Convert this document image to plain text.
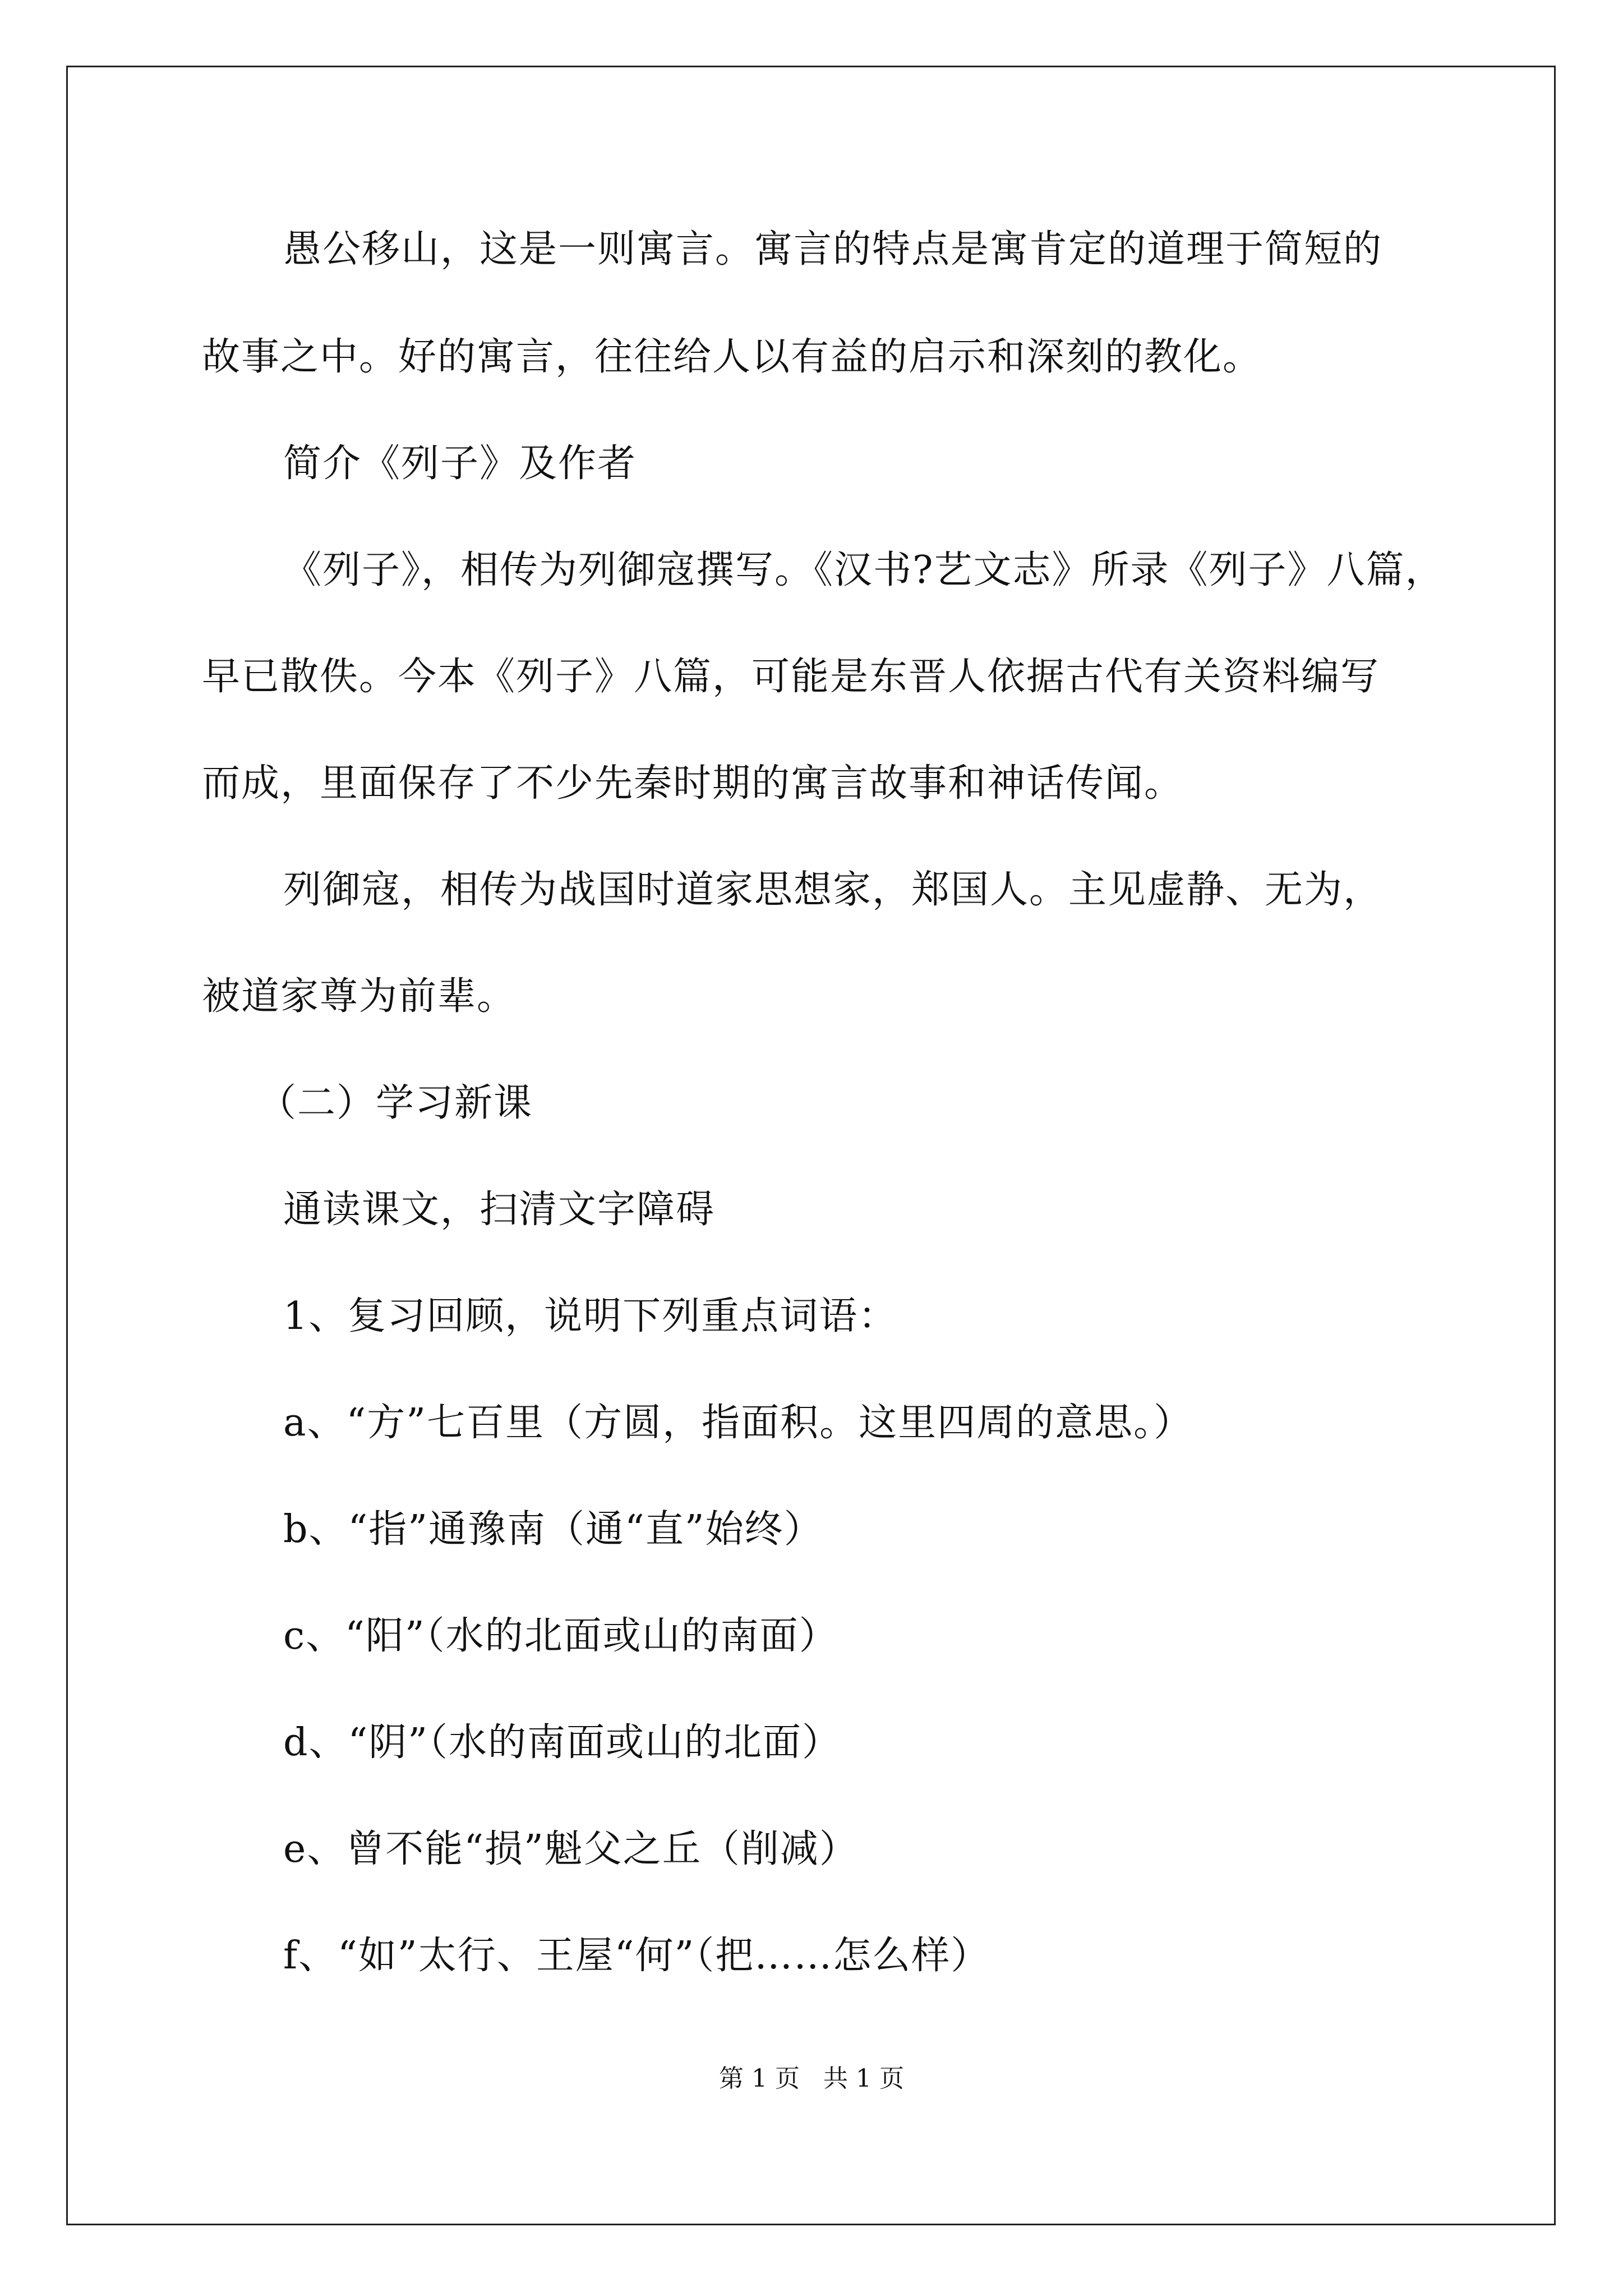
愚公移山，这是一则寓言。寓言的特点是寓肯定的道理于简短的
故事之中。好的寓言，往往给人以有益的启示和深刻的教化。
简介《列子》及作者
《列子》，相传为列御寇撰写。《汉书?艺文志》所录《列子》八篇，
早已散佚。今本《列子》八篇，可能是东晋人依据古代有关资料编写
而成，里面保存了不少先秦时期的寓言故事和神话传闻。
列御寇，相传为战国时道家思想家，郑国人。主见虚静、无为，
被道家尊为前辈。
（二）学习新课
通读课文，扫清文字障碍
1、复习回顾，说明下列重点词语：
a、“方”七百里（方圆，指面积。这里四周的意思。）
b、“指”通豫南（通“直”始终）
c、“阳”（水的北面或山的南面）
d、“阴”（水的南面或山的北面）
e、曾不能“损”魁父之丘（削减）
f、“如”太行、王屋“何”（把……怎么样）
第 1 页   共 1 页
